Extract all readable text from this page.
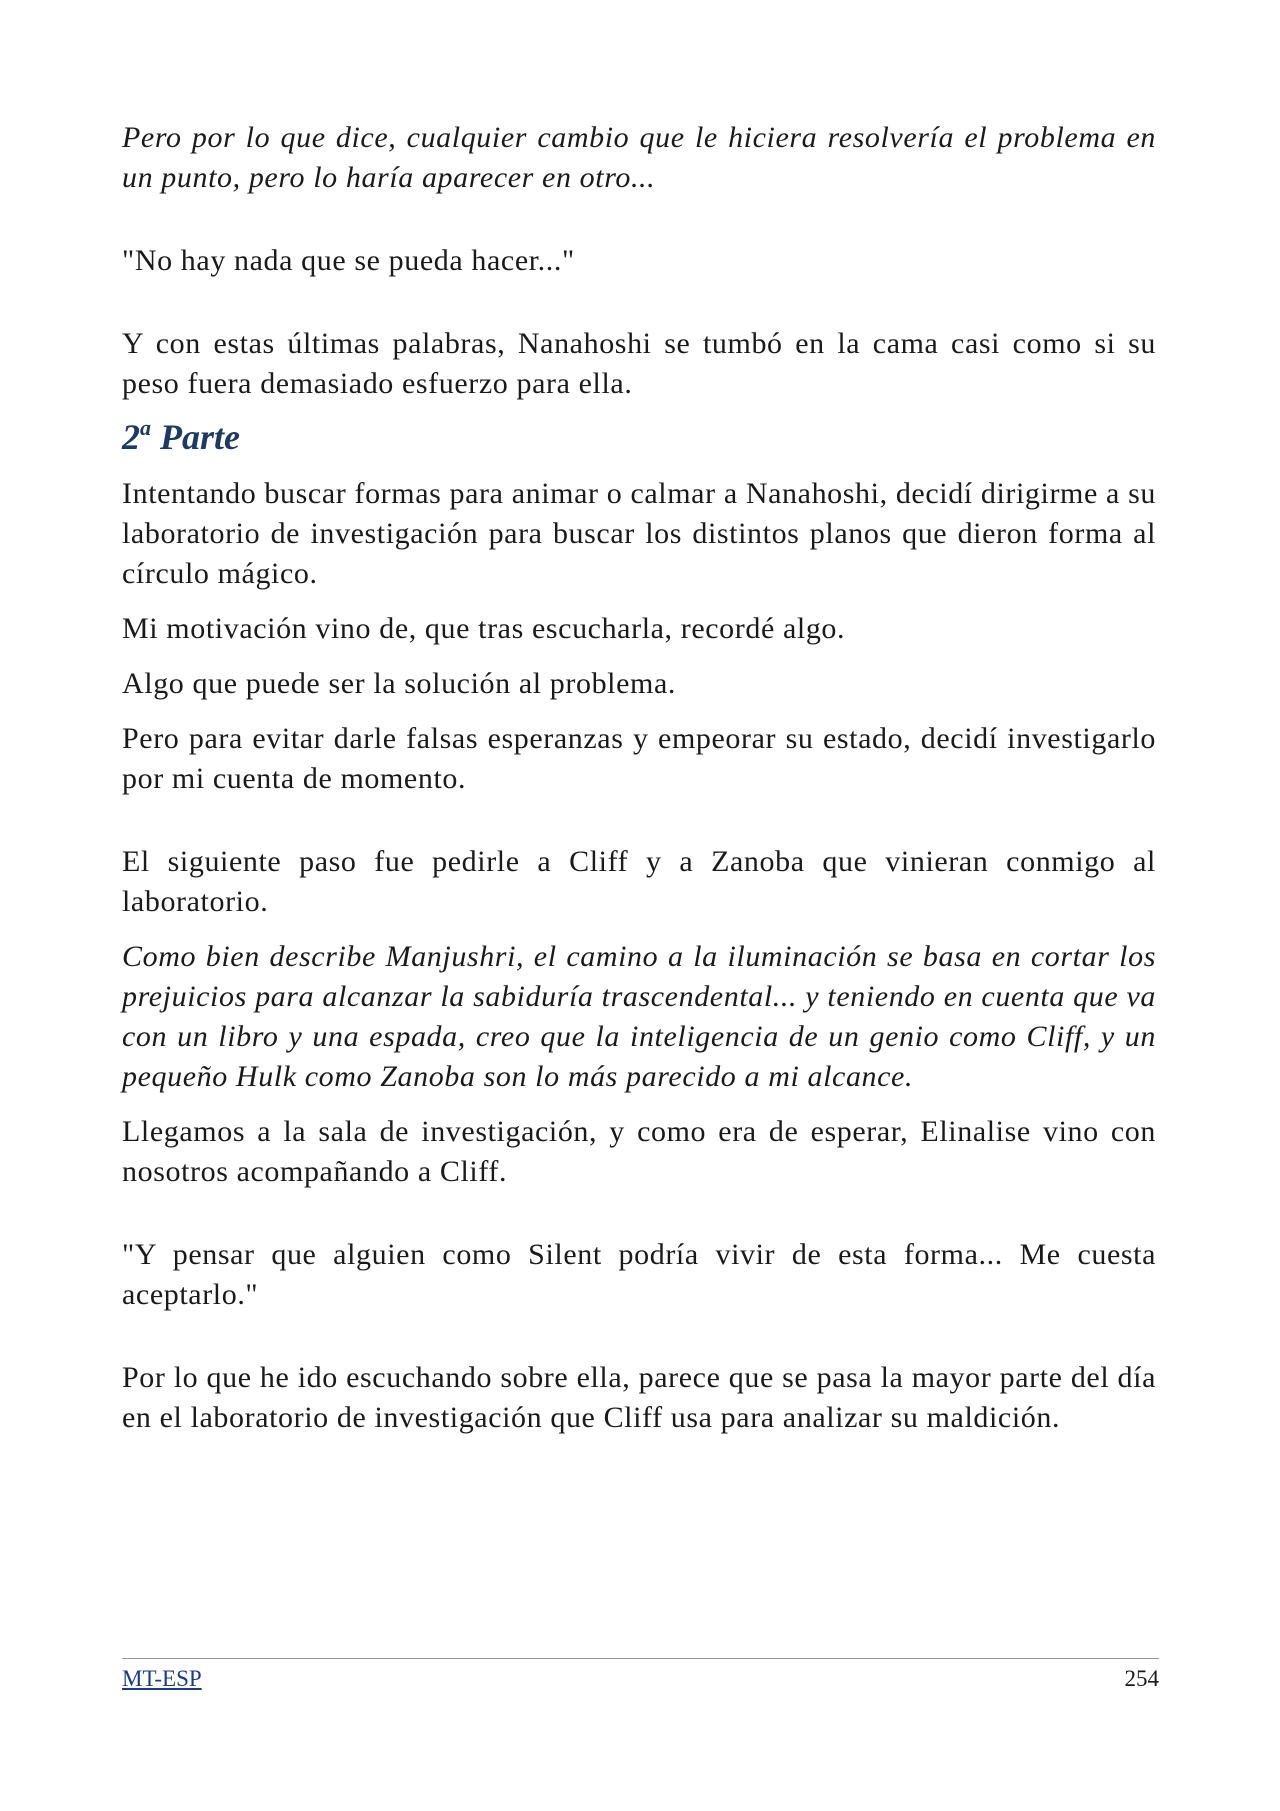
Pero por lo que dice, cualquier cambio que le hiciera resolvería el problema en un punto, pero lo haría aparecer en otro...

"No hay nada que se pueda hacer..."

Y con estas últimas palabras, Nanahoshi se tumbó en la cama casi como si su peso fuera demasiado esfuerzo para ella.

2$^a$ Parte

Intentando buscar formas para animar o calmar a Nanahoshi, decidí dirigirme a su laboratorio de investigación para buscar los distintos planos que dieron forma al círculo mágico.

Mi motivación vino de, que tras escucharla, recordé algo.

Algo que puede ser la solución al problema.

Pero para evitar darle falsas esperanzas y empeorar su estado, decidí investigarlo por mi cuenta de momento.

El siguiente paso fue pedirle a Cliff y a Zanoba que vinieran conmigo al laboratorio.

Como bien describe Manjushri, el camino a la iluminación se basa en cortar los prejuicios para alcanzar la sabiduría trascendental... y teniendo en cuenta que va con un libro y una espada, creo que la inteligencia de un genio como Cliff, y un pequeño Hulk como Zanoba son lo más parecido a mi alcance.

Llegamos a la sala de investigación, y como era de esperar, Elinalise vino con nosotros acompañando a Cliff.

"Y pensar que alguien como Silent podría vivir de esta forma... Me cuesta aceptarlo."

Por lo que he ido escuchando sobre ella, parece que se pasa la mayor parte del día en el laboratorio de investigación que Cliff usa para analizar su maldición.

MT-ESP	254
